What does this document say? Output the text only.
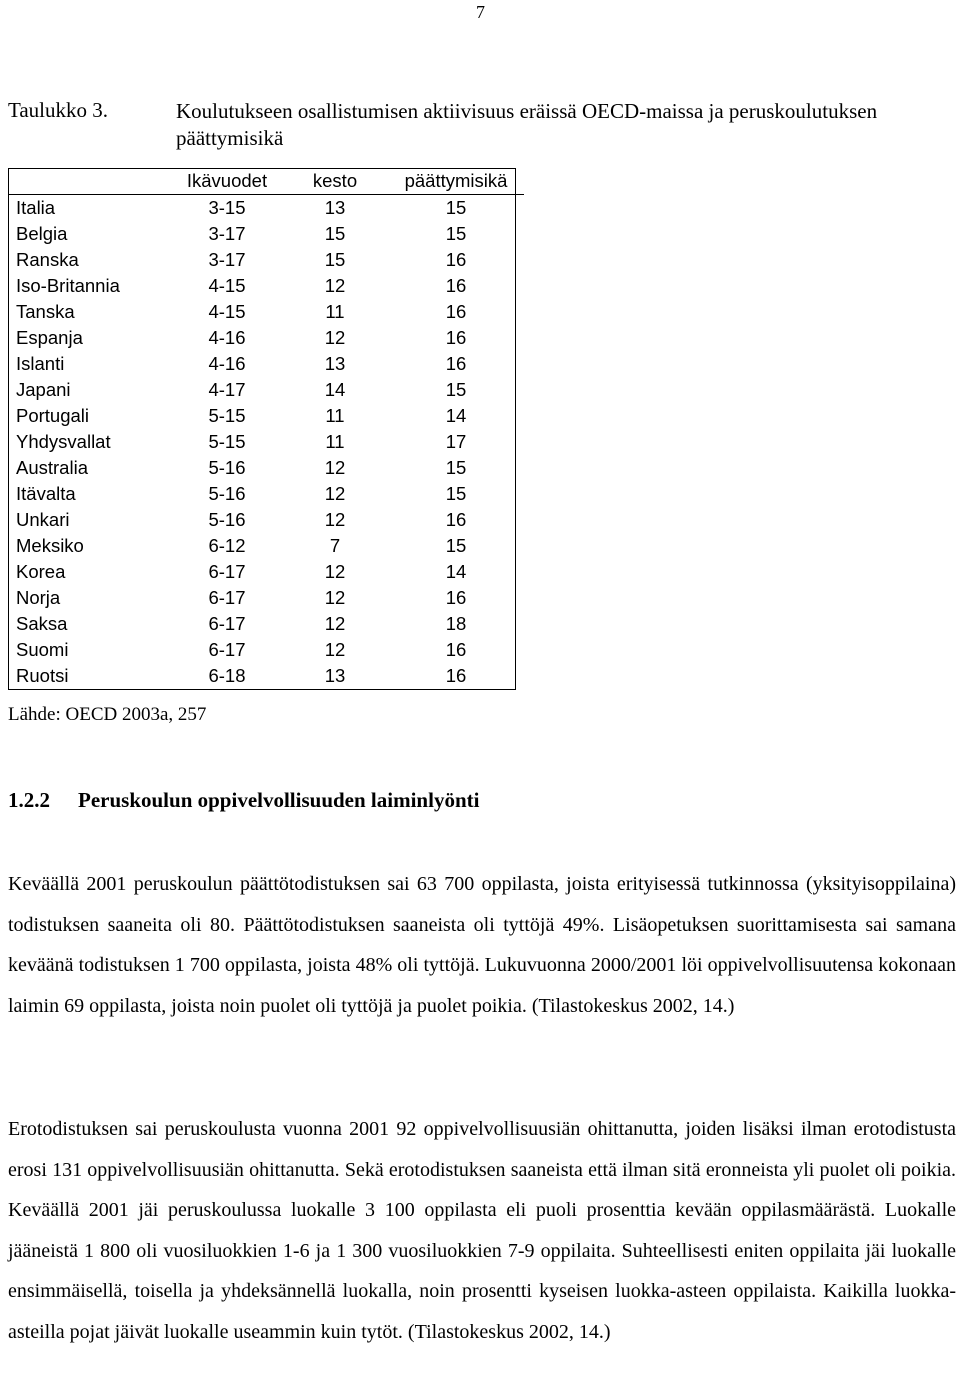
7
Taulukko 3.	Koulutukseen osallistumisen aktiivisuus eräissä OECD-maissa ja peruskoulutuksen päättymisikä
	Ikävuodet	kesto	päättymisikä
Italia	3-15	13	15
Belgia	3-17	15	15
Ranska	3-17	15	16
Iso-Britannia	4-15	12	16
Tanska	4-15	11	16
Espanja	4-16	12	16
Islanti	4-16	13	16
Japani	4-17	14	15
Portugali	5-15	11	14
Yhdysvallat	5-15	11	17
Australia	5-16	12	15
Itävalta	5-16	12	15
Unkari	5-16	12	16
Meksiko	6-12	7	15
Korea	6-17	12	14
Norja	6-17	12	16
Saksa	6-17	12	18
Suomi	6-17	12	16
Ruotsi	6-18	13	16
Lähde: OECD 2003a, 257
1.2.2 Peruskoulun oppivelvollisuuden laiminlyönti
Keväällä 2001 peruskoulun päättötodistuksen sai 63 700 oppilasta, joista erityisessä tutkinnossa (yksityisoppilaina) todistuksen saaneita oli 80. Päättötodistuksen saaneista oli tyttöjä 49%. Lisäopetuksen suorittamisesta sai samana keväänä todistuksen 1 700 oppilasta, joista 48% oli tyttöjä. Lukuvuonna 2000/2001 löi oppivelvollisuutensa kokonaan laimin 69 oppilasta, joista noin puolet oli tyttöjä ja puolet poikia. (Tilastokeskus 2002, 14.)
Erotodistuksen sai peruskoulusta vuonna 2001 92 oppivelvollisuusiän ohittanutta, joiden lisäksi ilman erotodistusta erosi 131 oppivelvollisuusiän ohittanutta. Sekä erotodistuksen saaneista että ilman sitä eronneista yli puolet oli poikia. Keväällä 2001 jäi peruskoulussa luokalle 3 100 oppilasta eli puoli prosenttia kevään oppilasmäärästä. Luokalle jääneistä 1 800 oli vuosiluokkien 1-6 ja 1 300 vuosiluokkien 7-9 oppilaita. Suhteellisesti eniten oppilaita jäi luokalle ensimmäisellä, toisella ja yhdeksännellä luokalla, noin prosentti kyseisen luokka-asteen oppilaista. Kaikilla luokka-asteilla pojat jäivät luokalle useammin kuin tytöt. (Tilastokeskus 2002, 14.)
